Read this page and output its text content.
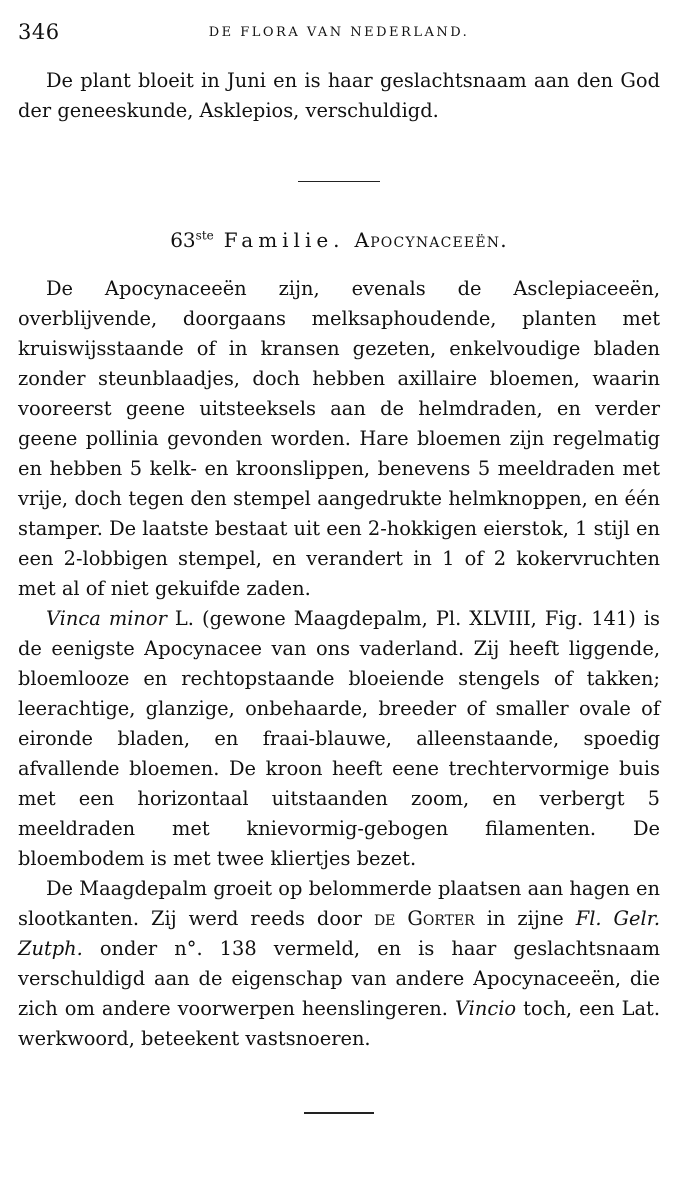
346	DE FLORA VAN NEDERLAND.

De plant bloeit in Juni en is haar geslachtsnaam aan den God der geneeskunde, Asklepios, verschuldigd.

63ste Familie. Apocynaceeën.

De Apocynaceeën zijn, evenals de Asclepiaceeën, overblijvende, doorgaans melksaphoudende, planten met kruiswijsstaande of in kransen gezeten, enkelvoudige bladen zonder steunblaadjes, doch hebben axillaire bloemen, waarin vooreerst geene uitsteeksels aan de helmdraden, en verder geene pollinia gevonden worden. Hare bloemen zijn regelmatig en hebben 5 kelk- en kroonslippen, benevens 5 meeldraden met vrije, doch tegen den stempel aangedrukte helmknoppen, en één stamper. De laatste bestaat uit een 2-hokkigen eierstok, 1 stijl en een 2-lobbigen stempel, en verandert in 1 of 2 kokervruchten met al of niet gekuifde zaden.

Vinca minor L. (gewone Maagdepalm, Pl. XLVIII, Fig. 141) is de eenigste Apocynacee van ons vaderland. Zij heeft liggende, bloemlooze en rechtopstaande bloeiende stengels of takken; leerachtige, glanzige, onbehaarde, breeder of smaller ovale of eironde bladen, en fraai-blauwe, alleenstaande, spoedig afvallende bloemen. De kroon heeft eene trechtervormige buis met een horizontaal uitstaanden zoom, en verbergt 5 meeldraden met knievormig-gebogen filamenten. De bloembodem is met twee kliertjes bezet.

De Maagdepalm groeit op belommerde plaatsen aan hagen en slootkanten. Zij werd reeds door de Gorter in zijne Fl. Gelr. Zutph. onder n°. 138 vermeld, en is haar geslachtsnaam verschuldigd aan de eigenschap van andere Apocynaceeën, die zich om andere voorwerpen heenslingeren. Vincio toch, een Lat. werkwoord, beteekent vastsnoeren.
